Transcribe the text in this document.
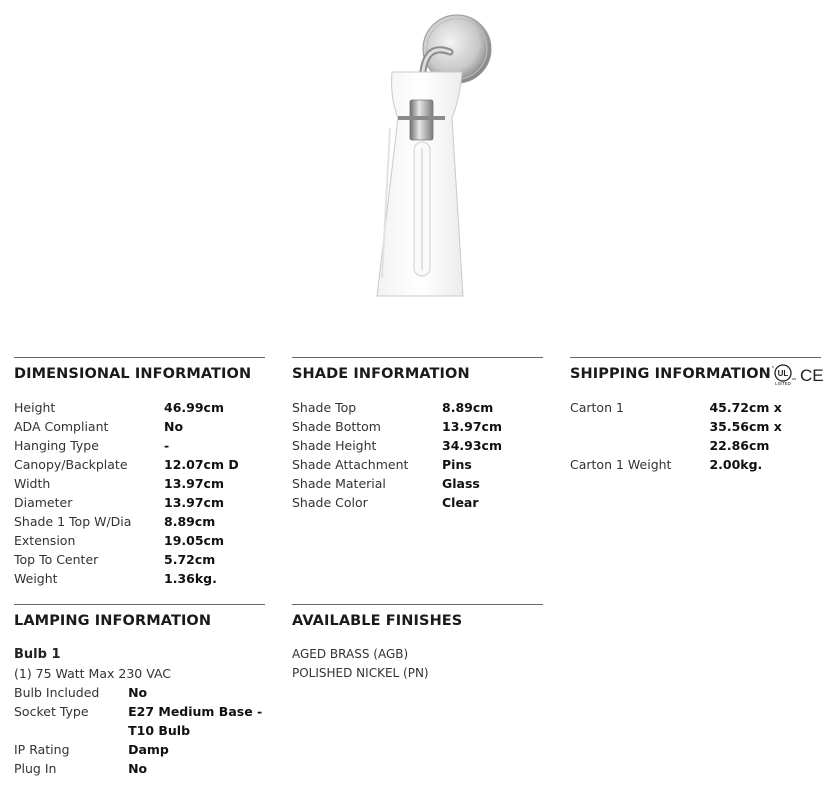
DIMENSIONAL INFORMATION
Height	46.99cm
ADA Compliant	No
Hanging Type	-
Canopy/Backplate	12.07cm D
Width	13.97cm
Diameter	13.97cm
Shade 1 Top W/Dia	8.89cm
Extension	19.05cm
Top To Center	5.72cm
Weight	1.36kg.
SHADE INFORMATION
Shade Top	8.89cm
Shade Bottom	13.97cm
Shade Height	34.93cm
Shade Attachment	Pins
Shade Material	Glass
Shade Color	Clear
SHIPPING INFORMATION
Carton 1	45.72cm x 35.56cm x 22.86cm
Carton 1 Weight	2.00kg.
UL
LISTED
c
us CE
LAMPING INFORMATION
Bulb 1
(1) 75 Watt Max 230 VAC
Bulb Included	No
Socket Type	E27 Medium Base - T10 Bulb
IP Rating	Damp
Plug In	No
AVAILABLE FINISHES
AGED BRASS (AGB)
POLISHED NICKEL (PN)
